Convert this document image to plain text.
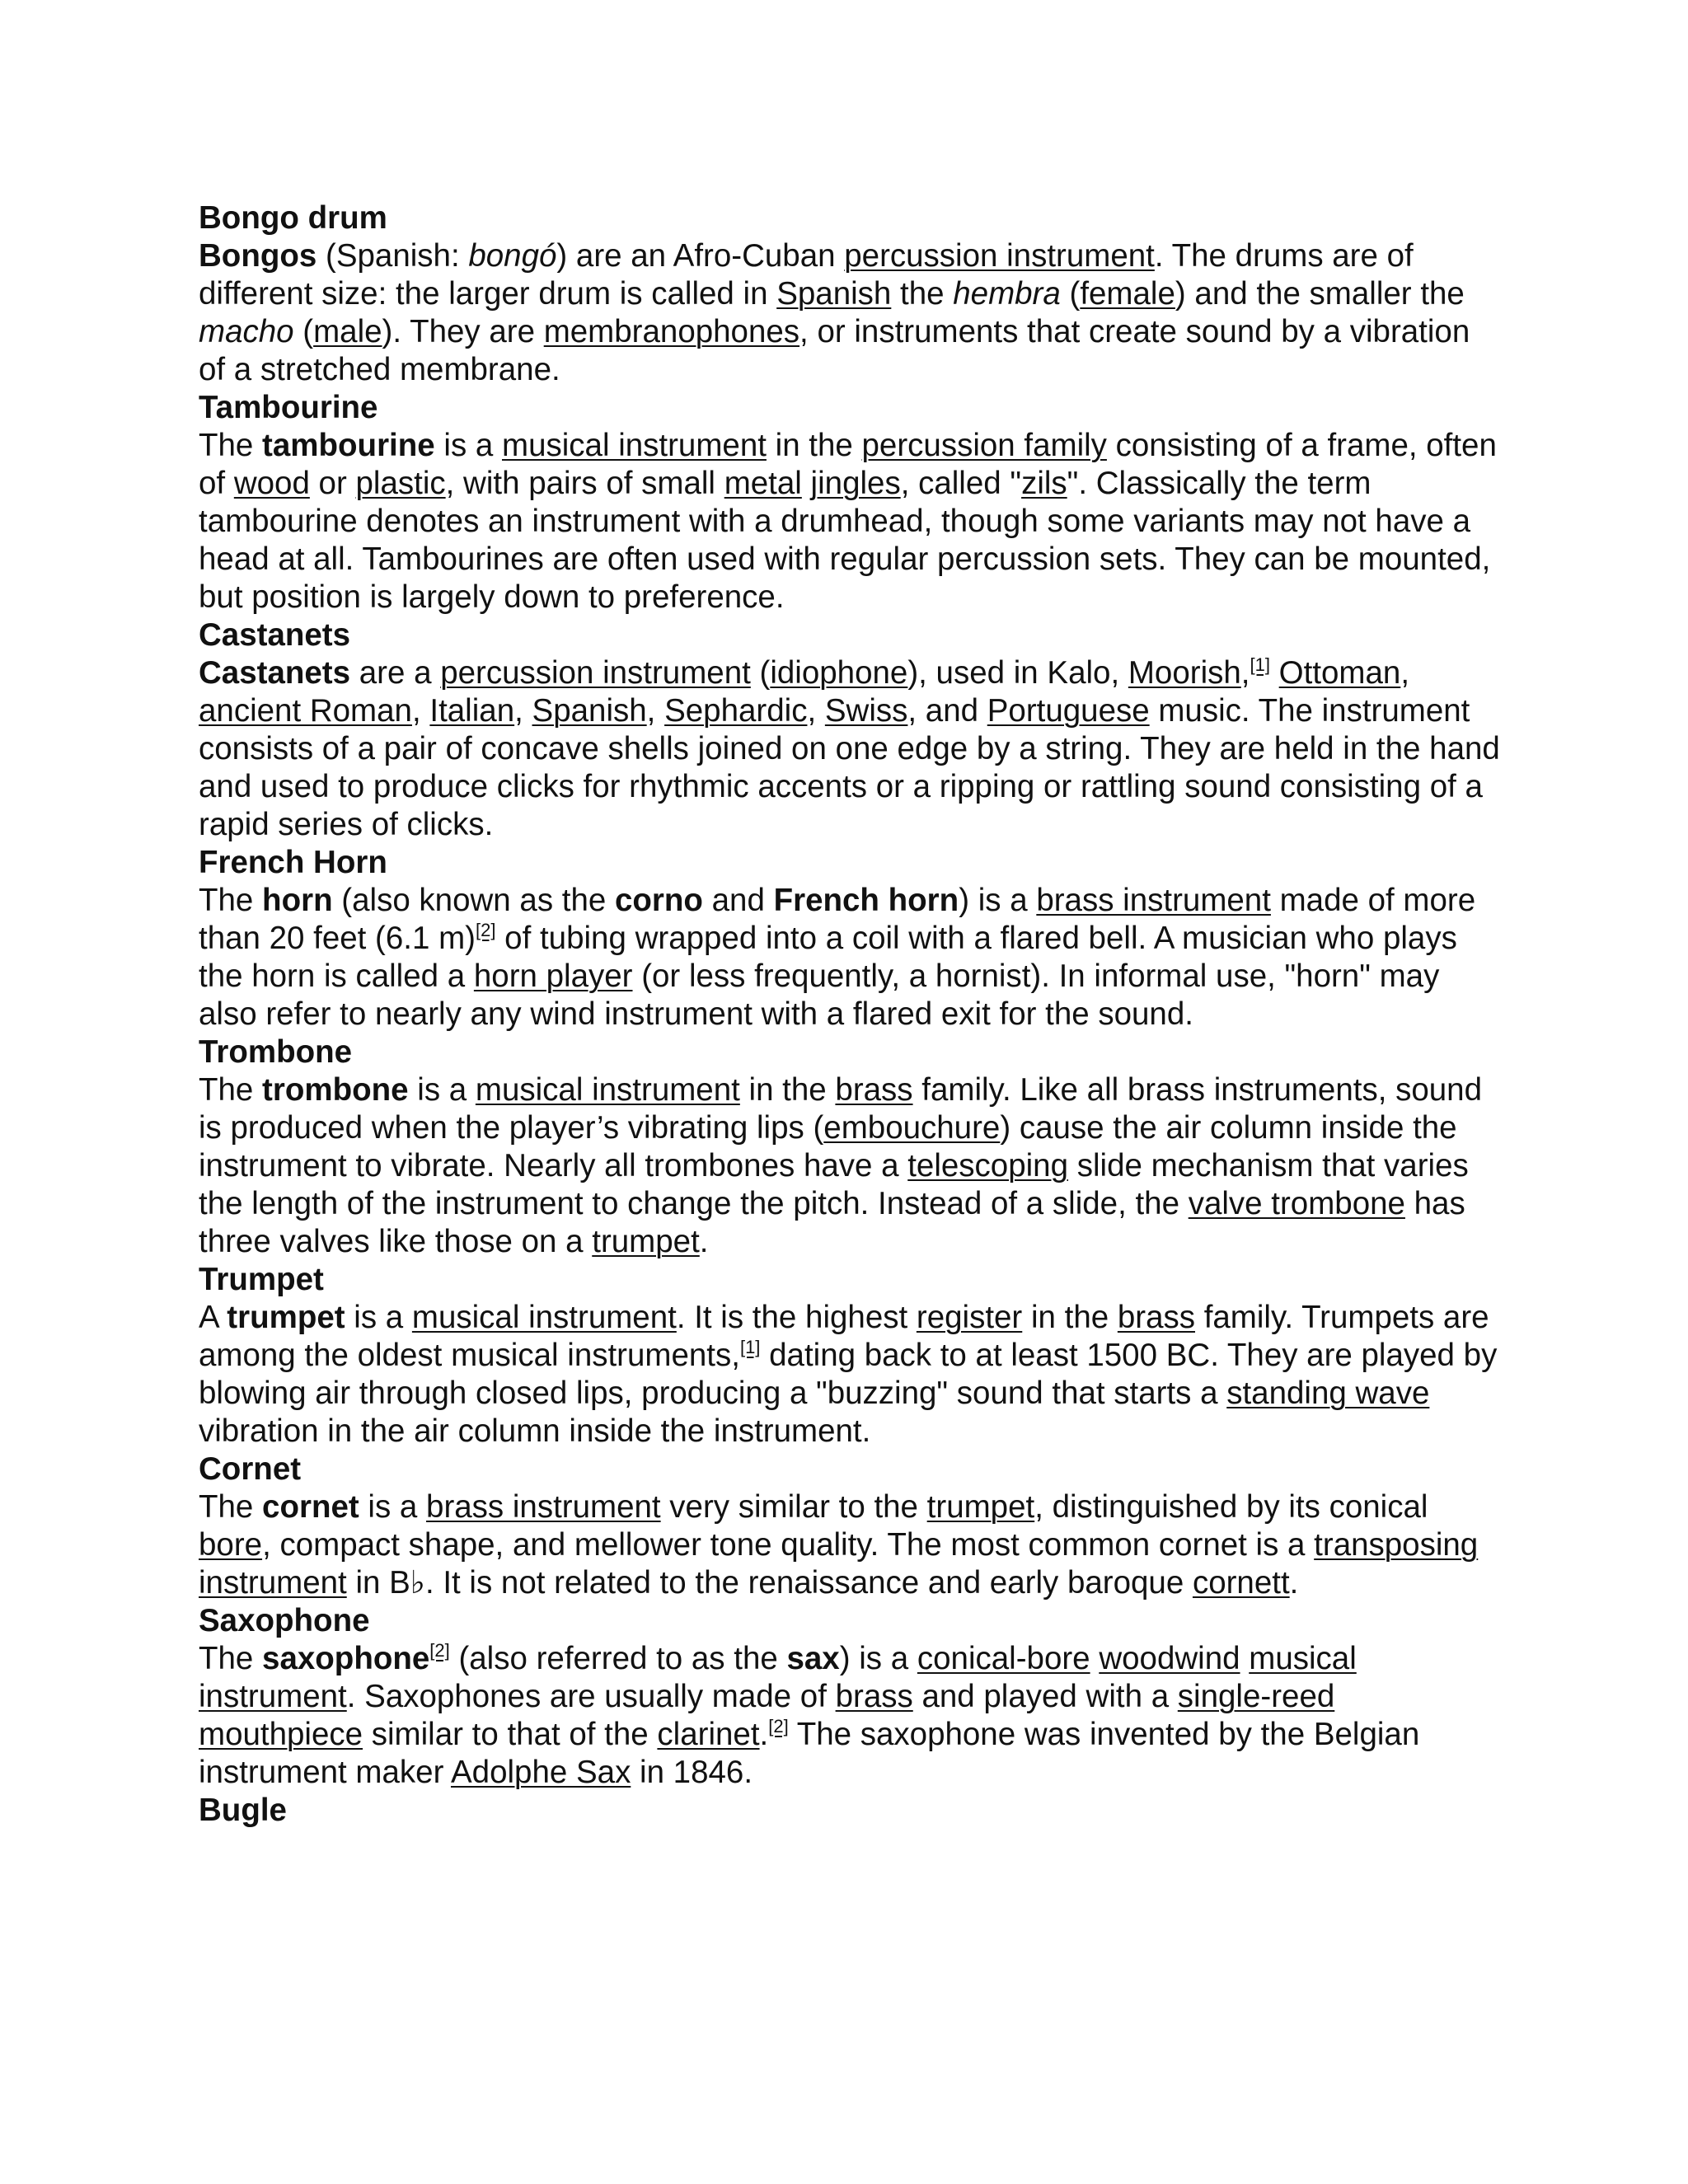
Bongo drum
Bongos (Spanish: bongó) are an Afro-Cuban percussion instrument. The drums are of different size: the larger drum is called in Spanish the hembra (female) and the smaller the macho (male). They are membranophones, or instruments that create sound by a vibration of a stretched membrane.
Tambourine
The tambourine is a musical instrument in the percussion family consisting of a frame, often of wood or plastic, with pairs of small metal jingles, called "zils". Classically the term tambourine denotes an instrument with a drumhead, though some variants may not have a head at all. Tambourines are often used with regular percussion sets. They can be mounted, but position is largely down to preference.
Castanets
Castanets are a percussion instrument (idiophone), used in Kalo, Moorish,[1] Ottoman, ancient Roman, Italian, Spanish, Sephardic, Swiss, and Portuguese music. The instrument consists of a pair of concave shells joined on one edge by a string. They are held in the hand and used to produce clicks for rhythmic accents or a ripping or rattling sound consisting of a rapid series of clicks.
French Horn
The horn (also known as the corno and French horn) is a brass instrument made of more than 20 feet (6.1 m)[2] of tubing wrapped into a coil with a flared bell. A musician who plays the horn is called a horn player (or less frequently, a hornist). In informal use, "horn" may also refer to nearly any wind instrument with a flared exit for the sound.
Trombone
The trombone is a musical instrument in the brass family. Like all brass instruments, sound is produced when the player’s vibrating lips (embouchure) cause the air column inside the instrument to vibrate. Nearly all trombones have a telescoping slide mechanism that varies the length of the instrument to change the pitch. Instead of a slide, the valve trombone has three valves like those on a trumpet.
Trumpet
A trumpet is a musical instrument. It is the highest register in the brass family. Trumpets are among the oldest musical instruments,[1] dating back to at least 1500 BC. They are played by blowing air through closed lips, producing a "buzzing" sound that starts a standing wave vibration in the air column inside the instrument.
Cornet
The cornet is a brass instrument very similar to the trumpet, distinguished by its conical bore, compact shape, and mellower tone quality. The most common cornet is a transposing instrument in B♭. It is not related to the renaissance and early baroque cornett.
Saxophone
The saxophone[2] (also referred to as the sax) is a conical-bore woodwind musical instrument. Saxophones are usually made of brass and played with a single-reed mouthpiece similar to that of the clarinet.[2] The saxophone was invented by the Belgian instrument maker Adolphe Sax in 1846.
Bugle
